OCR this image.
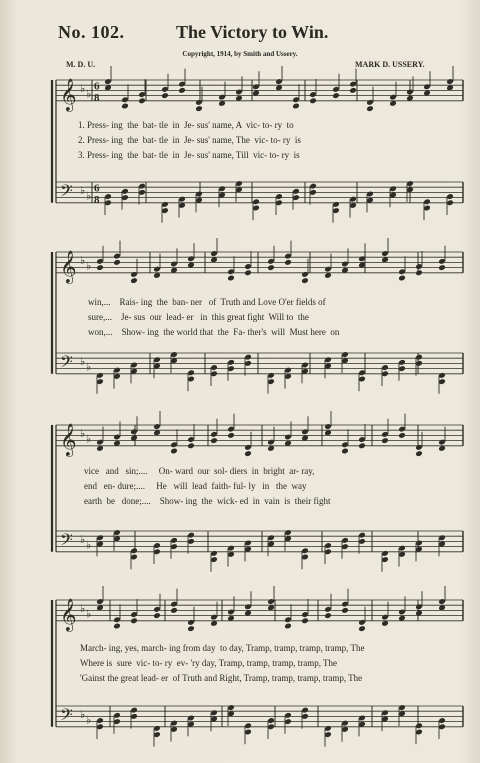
No. 102.	The Victory to Win.
Copyright, 1914, by Smith and Ussery.
M. D. U.	MARK D. USSERY.
𝄞 ♭ ♭
6
8
𝄢 ♭ ♭
6
8
𝄞 ♭ ♭
𝄢 ♭ ♭
𝄞 ♭ ♭
𝄢 ♭ ♭
𝄞 ♭ ♭
𝄢 ♭ ♭

1. Press- ing  the  bat- tle  in  Je- sus' name, A  vic- to- ry  to

2. Press- ing  the  bat- tle  in  Je- sus' name, The  vic- to- ry  is

3. Press- ing  the  bat- tle  in  Je- sus' name, Till  vic- to- ry  is

win,...    Rais- ing  the  ban- ner   of  Truth and Love O'er fields of

sure,...    Je- sus  our  lead- er   in  this great fight  Will to  the

won,...    Show- ing  the world that  the  Fa- ther's  will  Must here  on

vice   and   sin;....     On- ward  our  sol- diers  in  bright  ar- ray,

end   en- dure;....     He   will  lead  faith- ful- ly   in   the  way

earth  be   done;....    Show- ing  the  wick- ed  in  vain  is  their fight

March- ing, yes, march- ing from day  to day, Tramp, tramp, tramp, tramp, The

Where is  sure  vic- to- ry  ev- 'ry day, Tramp, tramp, tramp, tramp, The

'Gainst the great lead- er  of Truth and Right, Tramp, tramp, tramp, tramp, The
